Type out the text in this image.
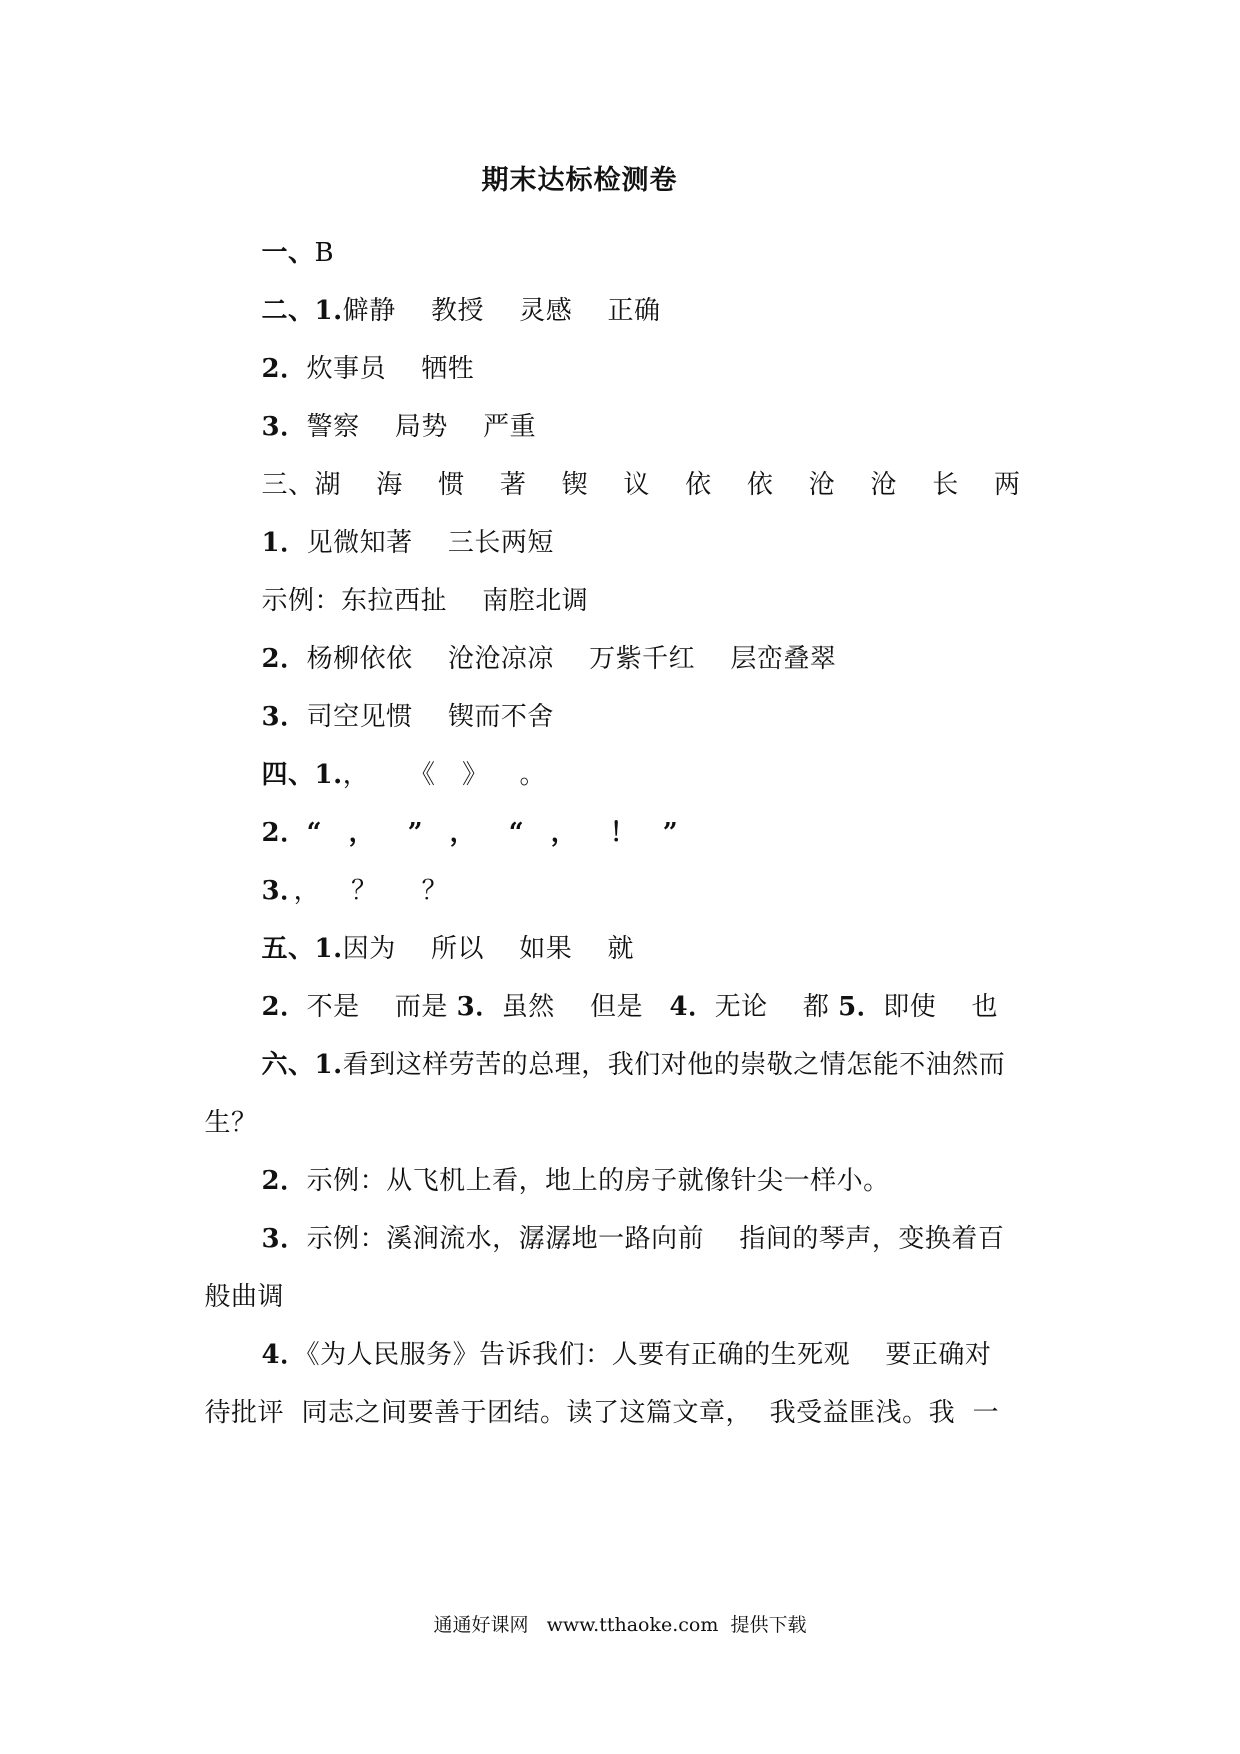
期末达标检测卷

一、B

二、1.僻静　 教授　 灵感　 正确

2．炊事员　 牺牲

3．警察　 局势　 严重

三、湖　 海　 惯　 著　 锲　 议　 依　 依　 沧　 沧　 长　 两

1．见微知著　 三长两短

示例：东拉西扯　 南腔北调

2．杨柳依依　 沧沧凉凉　 万紫千红　 层峦叠翠

3．司空见惯　 锲而不舍

四、1.，　   《　》　  。

2．“　，　  ”　，　  “　，　  ！　”

3．，　  ？　  ？

五、1.因为　 所以　 如果　 就

2．不是　 而是 3．虽然　 但是　4．无论　 都 5．即使　 也

六、1.看到这样劳苦的总理，我们对他的崇敬之情怎能不油然而

生？

2．示例：从飞机上看，地上的房子就像针尖一样小。

3．示例：溪涧流水，潺潺地一路向前　 指间的琴声，变换着百

般曲调

4．《为人民服务》告诉我们：人要有正确的生死观　 要正确对

待批评  同志之间要善于团结。读了这篇文章，  我受益匪浅。我  一

通通好课网   www.tthaoke.com  提供下载
